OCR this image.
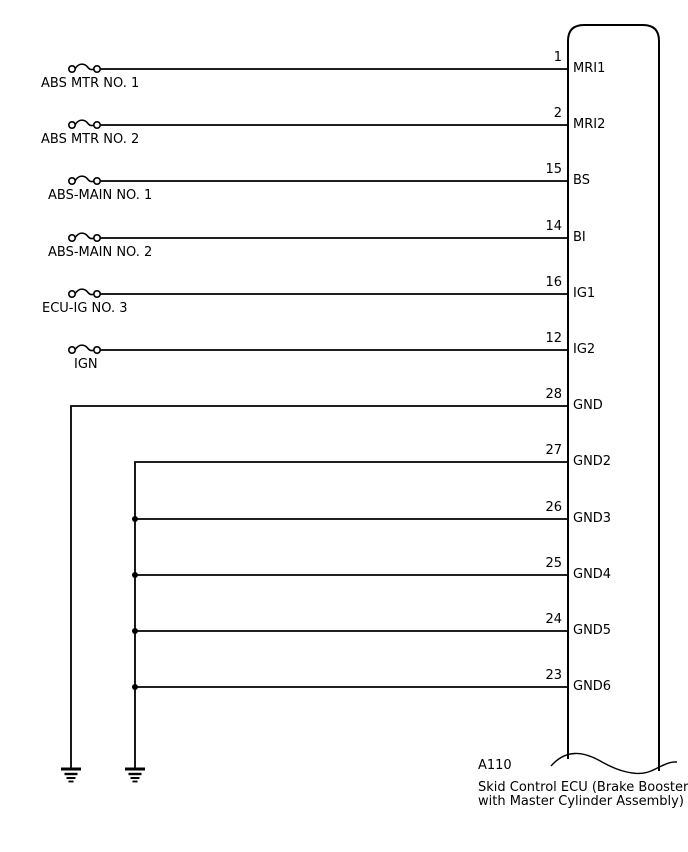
ABS MTR NO. 1
ABS MTR NO. 2
ABS-MAIN NO. 1
ABS-MAIN NO. 2
ECU-IG NO. 3
IGN
1
2
15
14
16
12
28
27
26
25
24
23
MRI1
MRI2
BS
BI
IG1
IG2
GND
GND2
GND3
GND4
GND5
GND6
A110
Skid Control ECU (Brake Booster
with Master Cylinder Assembly)
